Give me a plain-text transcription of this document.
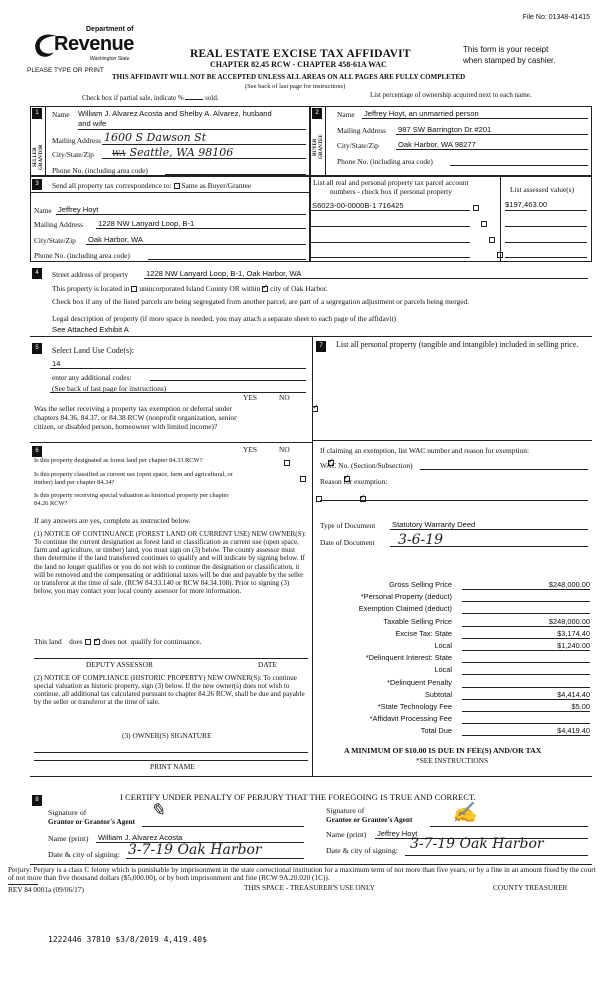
File No: 01348-41415
Department of
Revenue
Washington State
PLEASE TYPE OR PRINT
REAL ESTATE EXCISE TAX AFFIDAVIT
CHAPTER 82.45 RCW - CHAPTER 458-61A WAC
This form is your receipt
when stamped by cashier.
THIS AFFIDAVIT WILL NOT BE ACCEPTED UNLESS ALL AREAS ON ALL PAGES ARE FULLY COMPLETED
(See back of last page for instructions)
Check box if partial sale, indicate %	sold.	List percentage of ownership acquired next to each name.
1
SELLER GRANTOR
Name William J. Alvarez Acosta and Shelby A. Alvarez, husband
and wife
Mailing Address 1600 S Dawson St
City/State/Zip WA Seattle, WA 98106
Phone No. (including area code)
2
BUYER GRANTEE
Name Jeffrey Hoyt, an unmarried person
Mailing Address 987 SW Barrington Dr #201
City/State/Zip	Oak Harbor, WA 98277
Phone No. (including area code)
3	Send all property tax correspondence to: Same as Buyer/Grantee
Name Jeffrey Hoyt
Mailing Address 1228 NW Lanyard Loop, B-1
City/State/Zip Oak Harbor, WA
Phone No. (including area code)
List all real and personal property tax parcel account
numbers - check box if personal property	List assessed value(s)
S6023-00-0000B-1 716425	$197,463.00

4	Street address of property 1228 NW Lanyard Loop, B-1, Oak Harbor, WA
This property is located in unincorporated Island County OR within ✓ city of Oak Harbor.
Check box if any of the listed parcels are being segregated from another parcel, are part of a segregation adjustment or parcels being merged.
Legal description of property (if more space is needed, you may attach a separate sheet to each page of the affidavit)
See Attached Exhibit A
5	Select Land Use Code(s):
14
enter any additional codes:
(See back of last page for instructions)
YES	NO
Was the seller receiving a property tax exemption or deferral under chapters 84.36, 84.37, or 84.38 RCW (nonprofit organization, senior citizen, or disabled person, homeowner with limited income)?
✓
7	List all personal property (tangible and intangible) included in selling price.
6	YES	NO
Is this property designated as forest land per chapter 84.33 RCW?
✓
Is this property classified as current use (open space, farm and agricultural, or timber) land per chapter 84.34?
✓
Is this property receiving special valuation as historical property per chapter 84.26 RCW?
✓
If any answers are yes, complete as instructed below.
(1) NOTICE OF CONTINUANCE (FOREST LAND OR CURRENT USE) NEW OWNER(S): To continue the current designation as forest land or classification as current use (open space, farm and agriculture, or timber) land, you must sign on (3) below. The county assessor must then determine if the land transferred continues to qualify and will indicate by signing below. If the land no longer qualifies or you do not wish to continue the designation or classification, it will be removed and the compensating or additional taxes will be due and payable by the seller or transferor at the time of sale. (RCW 84.33.140 or RCW 84.34.108). Prior to signing (3) below, you may contact your local county assessor for more information.
This land does ✓	does not qualify for continuance.
DEPUTY ASSESSOR	DATE
(2) NOTICE OF COMPLIANCE (HISTORIC PROPERTY) NEW OWNER(S): To continue special valuation as historic property, sign (3) below. If the new owner(s) does not wish to continue, all additional tax calculated pursuant to chapter 84.26 RCW, shall be due and payable by the seller or transferor at the time of sale.
(3) OWNER(S) SIGNATURE
PRINT NAME
If claiming an exemption, list WAC number and reason for exemption:
WAC No. (Section/Subsection)
Reason for exemption:
Type of Document Statutory Warranty Deed
Date of Document 3-6-19
Gross Selling Price	$248,000.00
*Personal Property (deduct)

Exemption Claimed (deduct)

Taxable Selling Price	$248,000.00
Excise Tax: State	$3,174.40
Local	$1,240.00
*Delinquent Interest: State

Local

*Delinquent Penalty

Subtotal	$4,414.40
*State Technology Fee	$5.00
*Affidavit Processing Fee

Total Due	$4,419.40
A MINIMUM OF $10.00 IS DUE IN FEE(S) AND/OR TAX
*SEE INSTRUCTIONS
8	I CERTIFY UNDER PENALTY OF PERJURY THAT THE FOREGOING IS TRUE AND CORRECT.
Signature of
Grantor or Grantor's Agent
✎
Name (print) William J. Alvarez Acosta
Date & city of signing: 3-7-19 Oak Harbor
Signature of
Grantee or Grantee's Agent ✍
Name (print) Jeffrey Hoyt
Date & city of signing: 3-7-19 Oak Harbor
Perjury: Perjury is a class C felony which is punishable by imprisonment in the state correctional institution for a maximum term of not more than five years, or by a fine in an amount fixed by the court of not more than five thousand dollars ($5,000.00), or by both imprisonment and fine (RCW 9A.20.020 (1C)).
REV 84 0001a (09/06/17)	THIS SPACE - TREASURER'S USE ONLY	COUNTY TREASURER
1222446 37810 $3/8/2019 4,419.40$
